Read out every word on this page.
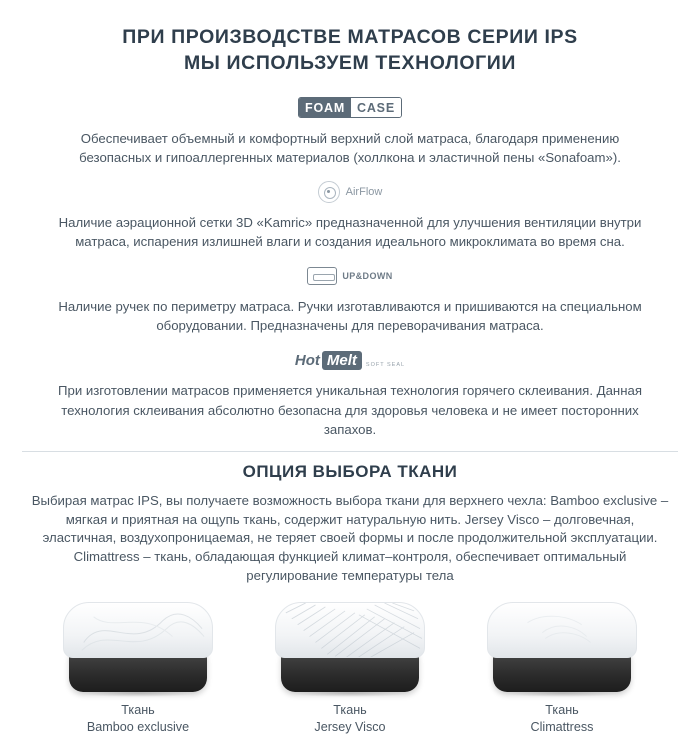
ПРИ ПРОИЗВОДСТВЕ МАТРАСОВ СЕРИИ IPS
МЫ ИСПОЛЬЗУЕМ ТЕХНОЛОГИИ
FOAM CASE

Обеспечивает объемный и комфортный верхний слой матраса, благодаря применению безопасных и гипоаллергенных материалов (холлкона и эластичной пены «Sonafoam»).

AirFlow

Наличие аэрационной сетки 3D «Kamric» предназначенной для улучшения вентиляции внутри матраса, испарения излишней влаги и создания идеального микроклимата во время сна.

UP&DOWN

Наличие ручек по периметру матраса. Ручки изготавливаются и пришиваются на специальном оборудовании. Предназначены для переворачивания матраса.

Hot Melt	SOFT SEAL

При изготовлении матрасов применяется уникальная технология горячего склеивания. Данная технология склеивания абсолютно безопасна для здоровья человека и не имеет посторонних запахов.

ОПЦИЯ ВЫБОРА ТКАНИ

Выбирая матрас IPS, вы получаете возможность выбора ткани для верхнего чехла: Bamboo exclusive – мягкая и приятная на ощупь ткань, содержит натуральную нить. Jersey Visco – долговечная, эластичная, воздухопроницаемая, не теряет своей формы и после продолжительной эксплуатации. Climattress – ткань, обладающая функцией климат–контроля, обеспечивает оптимальный регулирование температуры тела

Ткань
Bamboo exclusive
Ткань
Jersey Visco
Ткань
Climattress
